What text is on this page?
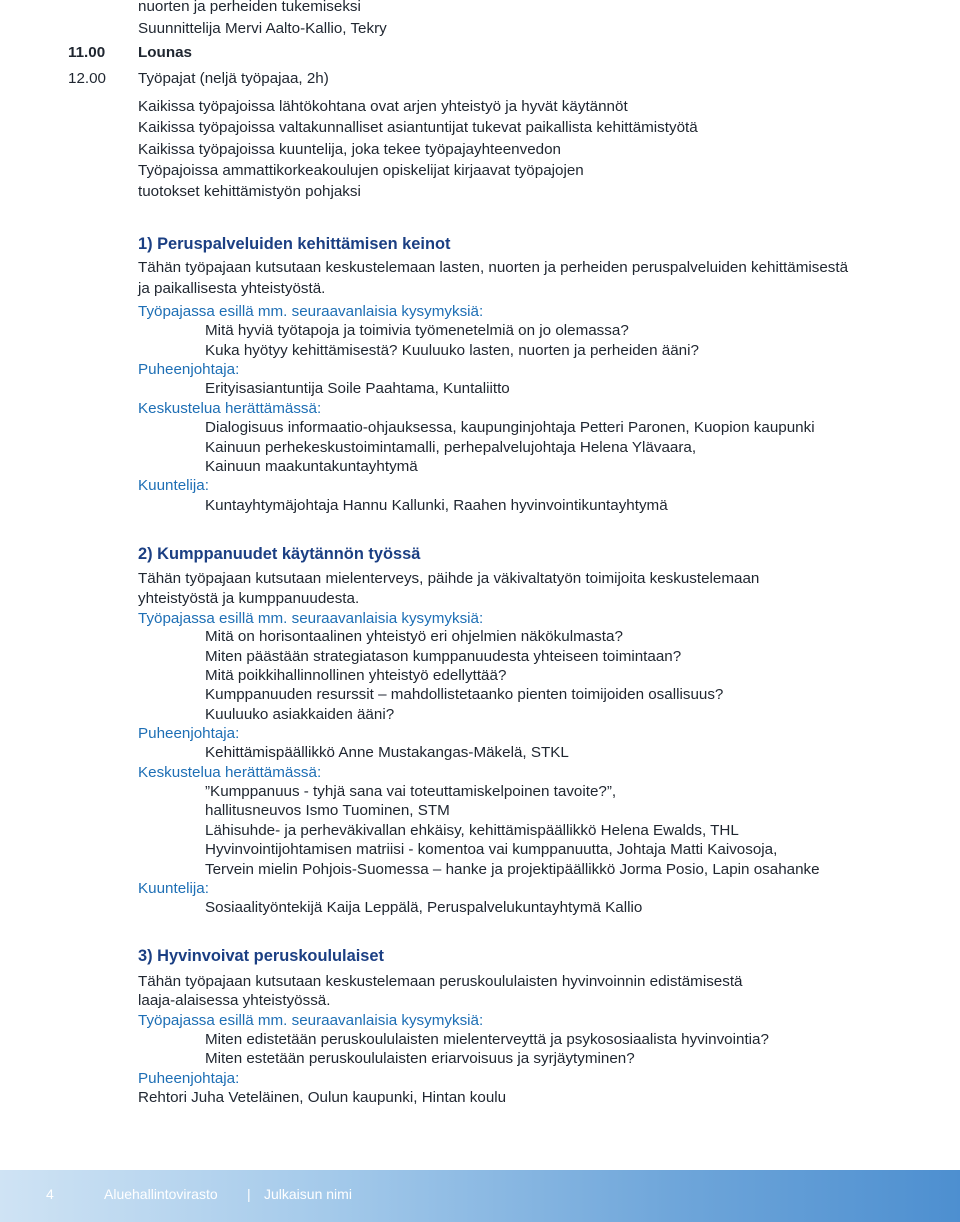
nuorten ja perheiden tukemiseksi
Suunnittelija Mervi Aalto-Kallio, Tekry
11.00 Lounas
12.00 Työpajat (neljä työpajaa, 2h)
Kaikissa työpajoissa lähtökohtana ovat arjen yhteistyö ja hyvät käytännöt
Kaikissa työpajoissa valtakunnalliset asiantuntijat tukevat paikallista kehittämistyötä
Kaikissa työpajoissa kuuntelija, joka tekee työpajayhteenvedon
Työpajoissa ammattikorkeakoulujen opiskelijat kirjaavat työpajojen
tuotokset kehittämistyön pohjaksi
1) Peruspalveluiden kehittämisen keinot
Tähän työpajaan kutsutaan keskustelemaan lasten, nuorten ja perheiden peruspalveluiden kehittämisestä
ja paikallisesta yhteistyöstä.
Työpajassa esillä mm. seuraavanlaisia kysymyksiä:
Mitä hyviä työtapoja ja toimivia työmenetelmiä on jo olemassa?
Kuka hyötyy kehittämisestä? Kuuluuko lasten, nuorten ja perheiden ääni?
Puheenjohtaja:
Erityisasiantuntija Soile Paahtama, Kuntaliitto
Keskustelua herättämässä:
Dialogisuus informaatio-ohjauksessa, kaupunginjohtaja Petteri Paronen, Kuopion kaupunki
Kainuun perhekeskustoimintamalli, perhepalvelujohtaja Helena Ylävaara,
Kainuun maakuntakuntayhtymä
Kuuntelija:
Kuntayhtymäjohtaja Hannu Kallunki, Raahen hyvinvointikuntayhtymä
2) Kumppanuudet käytännön työssä
Tähän työpajaan kutsutaan mielenterveys, päihde ja väkivaltatyön toimijoita keskustelemaan
yhteistyöstä ja kumppanuudesta.
Työpajassa esillä mm. seuraavanlaisia kysymyksiä:
Mitä on horisontaalinen yhteistyö eri ohjelmien näkökulmasta?
Miten päästään strategiatason kumppanuudesta yhteiseen toimintaan?
Mitä poikkihallinnollinen yhteistyö edellyttää?
Kumppanuuden resurssit – mahdollistetaanko pienten toimijoiden osallisuus?
Kuuluuko asiakkaiden ääni?
Puheenjohtaja:
Kehittämispäällikkö Anne Mustakangas-Mäkelä, STKL
Keskustelua herättämässä:
”Kumppanuus - tyhjä sana vai toteuttamiskelpoinen tavoite?”,
hallitusneuvos Ismo Tuominen, STM
Lähisuhde- ja perheväkivallan ehkäisy, kehittämispäällikkö Helena Ewalds, THL
Hyvinvointijohtamisen matriisi - komentoa vai kumppanuutta, Johtaja Matti Kaivosoja,
Tervein mielin Pohjois-Suomessa – hanke ja projektipäällikkö Jorma Posio, Lapin osahanke
Kuuntelija:
Sosiaalityöntekijä Kaija Leppälä, Peruspalvelukuntayhtymä Kallio
3) Hyvinvoivat peruskoululaiset
Tähän työpajaan kutsutaan keskustelemaan peruskoululaisten hyvinvoinnin edistämisestä
laaja-alaisessa yhteistyössä.
Työpajassa esillä mm. seuraavanlaisia kysymyksiä:
Miten edistetään peruskoululaisten mielenterveyttä ja psykososiaalista hyvinvointia?
Miten estetään peruskoululaisten eriarvoisuus ja syrjäytyminen?
Puheenjohtaja:
Rehtori Juha Veteläinen, Oulun kaupunki, Hintan koulu
4	Aluehallintovirasto | Julkaisun nimi
